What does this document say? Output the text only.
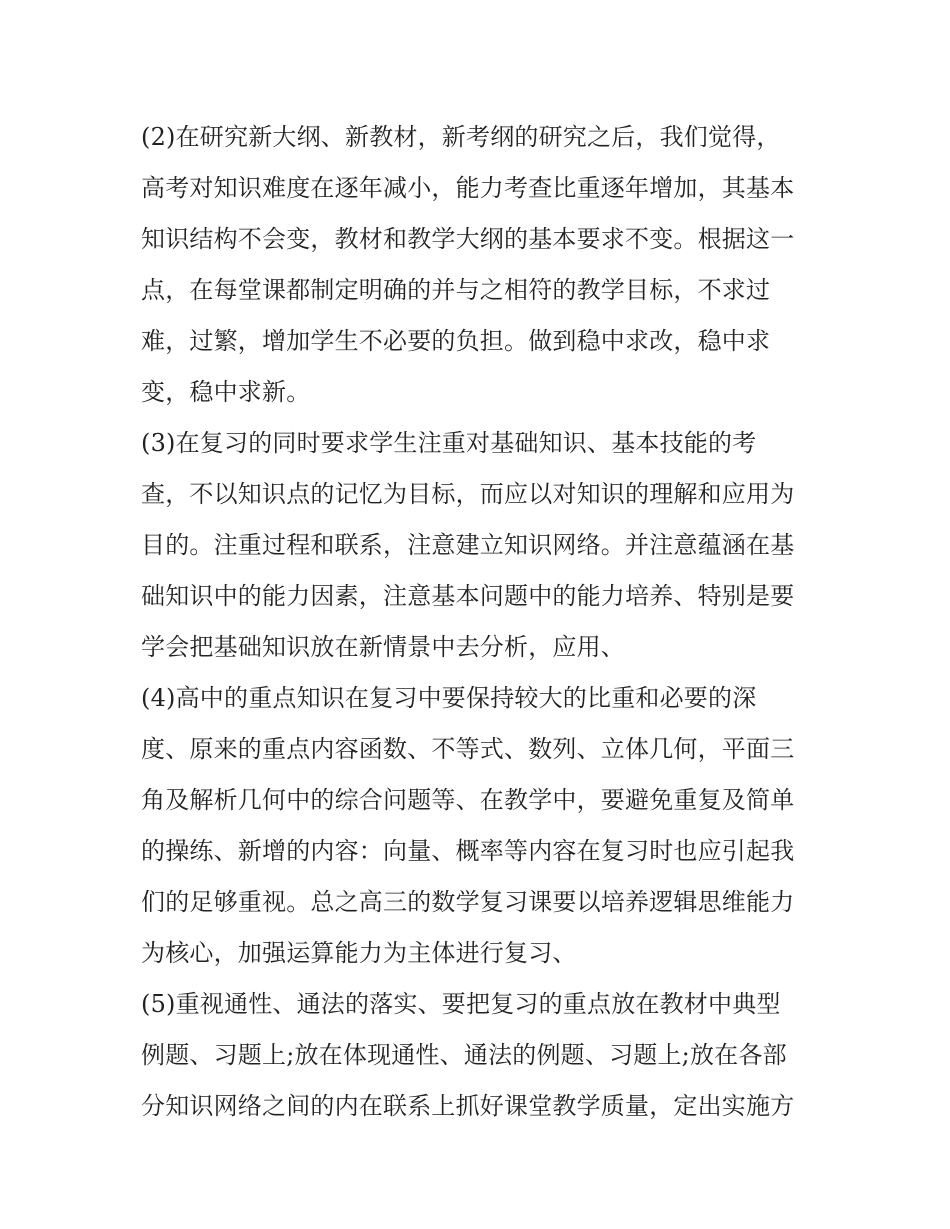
(2)在研究新大纲、新教材，新考纲的研究之后，我们觉得，
高考对知识难度在逐年减小，能力考查比重逐年增加，其基本
知识结构不会变，教材和教学大纲的基本要求不变。根据这一
点，在每堂课都制定明确的并与之相符的教学目标，不求过
难，过繁，增加学生不必要的负担。做到稳中求改，稳中求
变，稳中求新。
(3)在复习的同时要求学生注重对基础知识、基本技能的考
查，不以知识点的记忆为目标，而应以对知识的理解和应用为
目的。注重过程和联系，注意建立知识网络。并注意蕴涵在基
础知识中的能力因素，注意基本问题中的能力培养、特别是要
学会把基础知识放在新情景中去分析，应用、
(4)高中的重点知识在复习中要保持较大的比重和必要的深
度、原来的重点内容函数、不等式、数列、立体几何，平面三
角及解析几何中的综合问题等、在教学中，要避免重复及简单
的操练、新增的内容：向量、概率等内容在复习时也应引起我
们的足够重视。总之高三的数学复习课要以培养逻辑思维能力
为核心，加强运算能力为主体进行复习、
(5)重视通性、通法的落实、要把复习的重点放在教材中典型
例题、习题上;放在体现通性、通法的例题、习题上;放在各部
分知识网络之间的内在联系上抓好课堂教学质量，定出实施方
